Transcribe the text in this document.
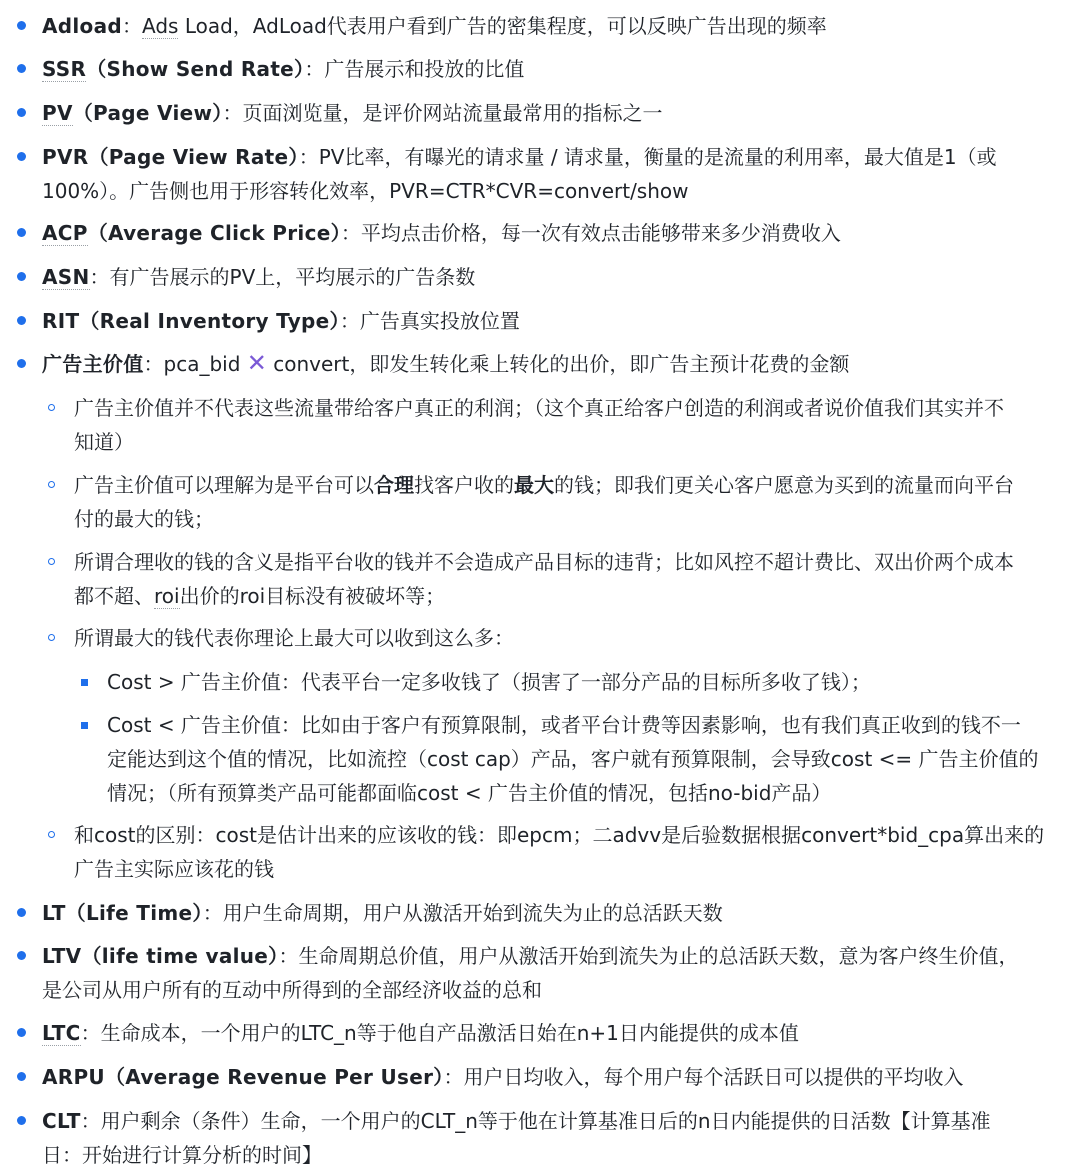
Adload：Ads Load，AdLoad代表用户看到广告的密集程度，可以反映广告出现的频率
SSR（Show Send Rate）：广告展示和投放的比值
PV（Page View）：页面浏览量，是评价网站流量最常用的指标之一
PVR（Page View Rate）：PV比率，有曝光的请求量 / 请求量，衡量的是流量的利用率，最大值是1（或
100%）。广告侧也用于形容转化效率，PVR=CTR*CVR=convert/show
ACP（Average Click Price）：平均点击价格，每一次有效点击能够带来多少消费收入
ASN：有广告展示的PV上，平均展示的广告条数
RIT（Real Inventory Type）：广告真实投放位置
广告主价值：pca_bid ✕ convert，即发生转化乘上转化的出价，即广告主预计花费的金额
广告主价值并不代表这些流量带给客户真正的利润；（这个真正给客户创造的利润或者说价值我们其实并不
知道）
广告主价值可以理解为是平台可以合理找客户收的最大的钱；即我们更关心客户愿意为买到的流量而向平台
付的最大的钱；
所谓合理收的钱的含义是指平台收的钱并不会造成产品目标的违背；比如风控不超计费比、双出价两个成本
都不超、roi出价的roi目标没有被破坏等；
所谓最大的钱代表你理论上最大可以收到这么多：
Cost > 广告主价值：代表平台一定多收钱了（损害了一部分产品的目标所多收了钱）；
Cost < 广告主价值：比如由于客户有预算限制，或者平台计费等因素影响，也有我们真正收到的钱不一
定能达到这个值的情况，比如流控（cost cap）产品，客户就有预算限制，会导致cost <= 广告主价值的
情况；（所有预算类产品可能都面临cost < 广告主价值的情况，包括no-bid产品）
和cost的区别：cost是估计出来的应该收的钱：即epcm；二advv是后验数据根据convert*bid_cpa算出来的
广告主实际应该花的钱
LT（Life Time）：用户生命周期，用户从激活开始到流失为止的总活跃天数
LTV（life time value）：生命周期总价值，用户从激活开始到流失为止的总活跃天数，意为客户终生价值，
是公司从用户所有的互动中所得到的全部经济收益的总和
LTC：生命成本，一个用户的LTC_n等于他自产品激活日始在n+1日内能提供的成本值
ARPU（Average Revenue Per User）：用户日均收入，每个用户每个活跃日可以提供的平均收入
CLT：用户剩余（条件）生命，一个用户的CLT_n等于他在计算基准日后的n日内能提供的日活数【计算基准
日：开始进行计算分析的时间】
